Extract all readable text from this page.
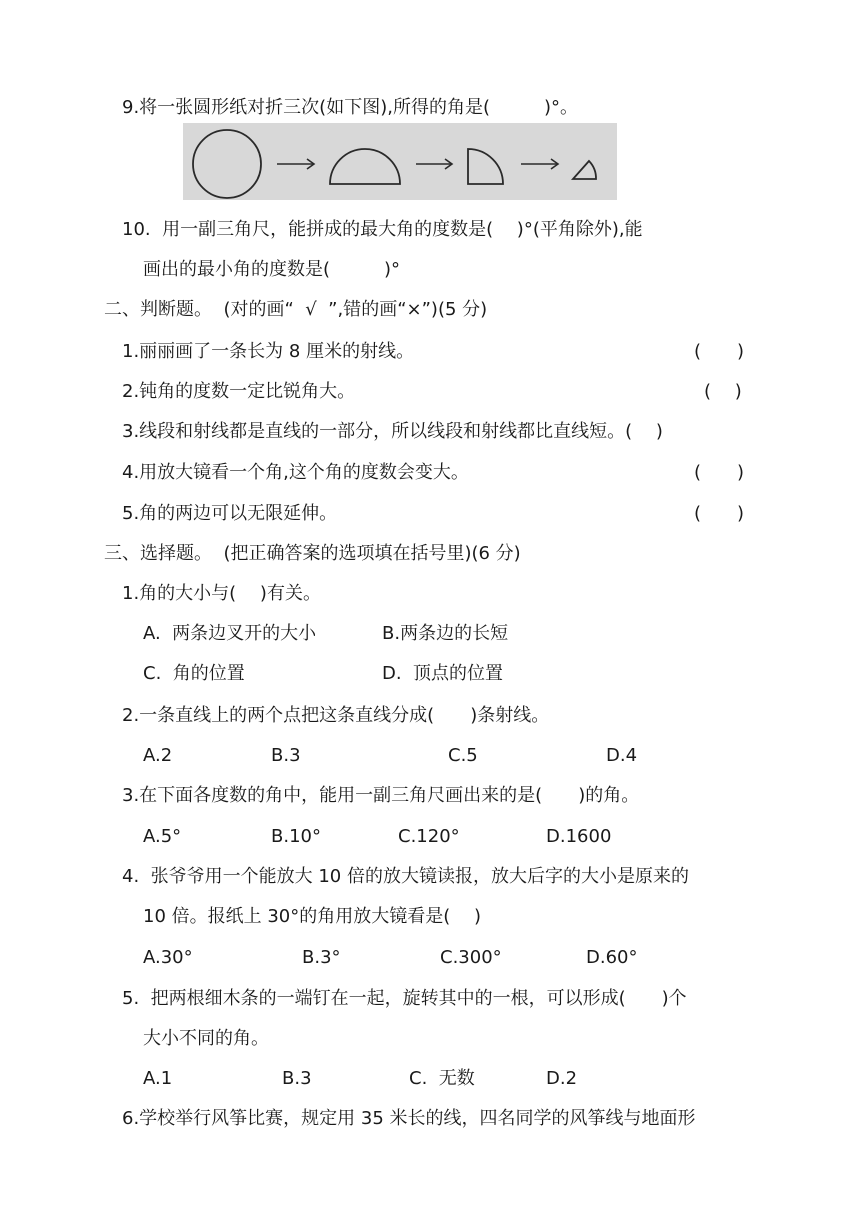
9.将一张圆形纸对折三次(如下图),所得的角是(　　　)°。
10.  用一副三角尺，能拼成的最大角的度数是(　 )°(平角除外),能
画出的最小角的度数是(　　　)°
二、判断题。  (对的画“  √  ”,错的画“×”)(5 分)
1.丽丽画了一条长为 8 厘米的射线。	(　　)
2.钝角的度数一定比锐角大。	(　 )
3.线段和射线都是直线的一部分，所以线段和射线都比直线短。(　 )
4.用放大镜看一个角,这个角的度数会变大。	(　　)
5.角的两边可以无限延伸。	(　　)
三、选择题。  (把正确答案的选项填在括号里)(6 分)
1.角的大小与(　 )有关。
A.  两条边叉开的大小	B.两条边的长短
C.  角的位置	D.  顶点的位置
2.一条直线上的两个点把这条直线分成(　　)条射线。
A.2	B.3	C.5	D.4
3.在下面各度数的角中，能用一副三角尺画出来的是(　　)的角。
A.5°	B.10°	C.120°	D.1600
4.  张爷爷用一个能放大 10 倍的放大镜读报，放大后字的大小是原来的
10 倍。报纸上 30°的角用放大镜看是(　 )
A.30°	B.3°	C.300°	D.60°
5.  把两根细木条的一端钉在一起，旋转其中的一根，可以形成(　　)个
大小不同的角。
A.1	B.3	C.  无数	D.2
6.学校举行风筝比赛，规定用 35 米长的线，四名同学的风筝线与地面形
